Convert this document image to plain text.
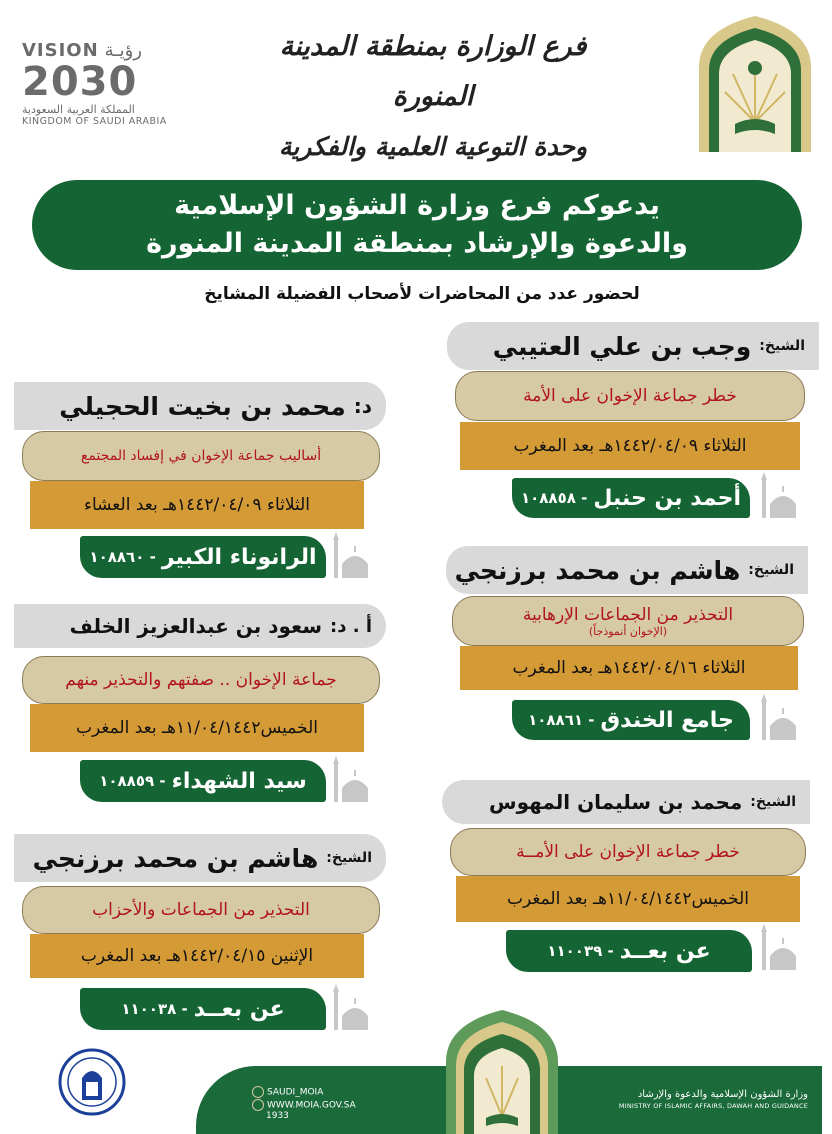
VISION رؤيـة
2030
المملكة العربية السعودية
KINGDOM OF SAUDI ARABIA
فرع الوزارة بمنطقة المدينة المنورة
وحدة التوعية العلمية والفكرية
يدعوكم فرع وزارة الشؤون الإسلامية
والدعوة والإرشاد بمنطقة المدينة المنورة
لحضور عدد من المحاضرات لأصحاب الفضيلة المشايخ
الشيخ:
وجب بن علي العتيبي
خطر جماعة الإخوان على الأمة
الثلاثاء ١٤٤٢/٠٤/٠٩هـ بعد المغرب
أحمد بن حنبل
- ١٠٨٨٥٨
الشيخ:
هاشم بن محمد برزنجي
التحذير من الجماعات الإرهابية
(الإخوان أنموذجاً)
الثلاثاء ١٤٤٢/٠٤/١٦هـ بعد المغرب
جامع الخندق
- ١٠٨٨٦١
الشيخ:
محمد بن سليمان المهوس
خطر جماعة الإخوان على الأمــة
الخميس١١/٠٤/١٤٤٢هـ بعد المغرب
عن بعــد
- ١١٠٠٣٩
د:
محمد بن بخيت الحجيلي
أساليب جماعة الإخوان في إفساد المجتمع
الثلاثاء ١٤٤٢/٠٤/٠٩هـ بعد العشاء
الرانوناء الكبير
- ١٠٨٨٦٠
أ . د:
سعود بن عبدالعزيز الخلف
جماعة الإخوان .. صفتهم والتحذير منهم
الخميس١١/٠٤/١٤٤٢هـ بعد المغرب
سيد الشهداء
- ١٠٨٨٥٩
الشيخ:
هاشم بن محمد برزنجي
التحذير من الجماعات والأحزاب
الإثنين ١٤٤٢/٠٤/١٥هـ بعد المغرب
عن بعــد
- ١١٠٠٣٨
SAUDI_MOIA
WWW.MOIA.GOV.SA
1933
وزارة الشؤون الإسلامية والدعوة والإرشاد
MINISTRY OF ISLAMIC AFFAIRS, DAWAH AND GUIDANCE
